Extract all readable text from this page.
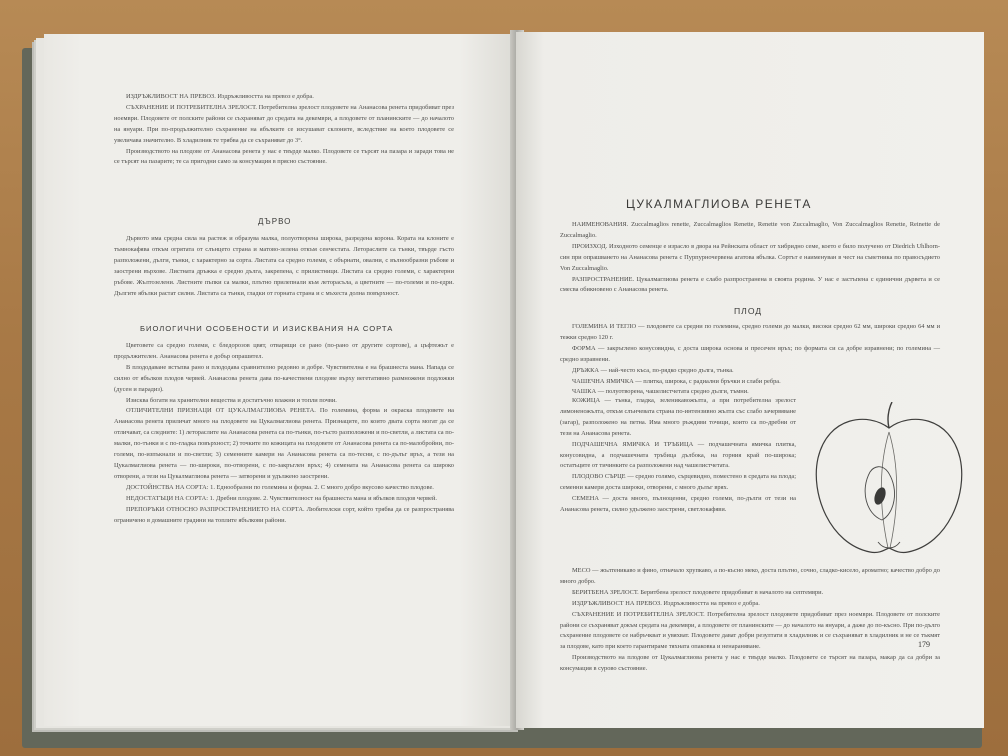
ИЗДРЪЖЛИВОСТ НА ПРЕВОЗ. Издръжливостта на превоз е добра.

СЪХРАНЕНИЕ И ПОТРЕБИТЕЛНА ЗРЕЛОСТ. Потребителна зрелост плодовете на Ананасова ренета придобиват през ноември. Плодовете от полските райони се съхраняват до средата на декември, а плодовете от планинските — до началото на януари. При по-продължително съхранение на ябълките се изсушават склоните, вследствие на което плодовете се увеличава значително. В хладилник те трябва да се съхраняват до 3°.

Производството на плодове от Ананасова ренета у нас е твърде малко. Плодовете се търсят на пазара и заради това не се търсят на пазарите; те са пригодни само за консумация в прясно състояние.

ДЪРВО

Дървото има средна сила на растеж и образува малка, полуотворена широка, разредена корона. Кората на клоните е тъмнокафява откъм огрятата от слънцето страна и матово-зелена откъм сенчестата. Летораслите са тънки, твърде гъсто разположени, дълги, тънки, с характерно за сорта. Листата са средно големи, с обърнати, овални, с вълнообразни ръбове и заострени върхове. Листната дръжка е средно дълга, закрепена, с прилистници. Листата са средно големи, с характерни ръбове. Жълтозелени. Листните пъпки са малки, плътно прилепнали към леторасъла, а цветните — по-големи и по-едри. Дългите ябълки растат силни. Листата са тънки, гладки от горната страна и с мъхеста долна повърхност.

БИОЛОГИЧНИ ОСОБЕНОСТИ И ИЗИСКВАНИЯ НА СОРТА

Цветовете са средно големи, с бледорозов цвят, отварящи се рано (по-рано от другите сортове), а цъфтежът е продължителен. Ананасова ренета е добър опрашител.

В плододаване встъпва рано и плододава сравнително редовно и добре. Чувствителна е на брашнеста мана. Напада се силно от ябълков плодов червей. Ананасова ренета дава по-качествени плодове върху вегетативно размножени подложки (дусен и парадиз).

Изисква богати на хранителни вещества и достатъчно влажни и топли почви.

ОТЛИЧИТЕЛНИ ПРИЗНАЦИ ОТ ЦУКАЛМАГЛИОВА РЕНЕТА. По големина, форма и окраска плодовете на Ананасова ренета приличат много на плодовете на Цукалмаглиова ренета. Признаците, по които двата сорта могат да се отличават, са следните: 1) летораслите на Ананасова ренета са по-тънки, по-гъсто разположени и по-светли, а листата са по-малки, по-тънки и с по-гладка повърхност; 2) точките по кожицата на плодовете от Ананасова ренета са по-малобройни, по-големи, по-изпъкнали и по-светли; 3) семенните камери на Ананасова ренета са по-тесни, с по-дълъг връх, а тези на Цукалмаглиова ренета — по-широки, по-отворени, с по-закръглен връх; 4) семената на Ананасова ренета са широко отворени, а тези на Цукалмаглиова ренета — затворени и удължено заострени.

ДОСТОЙНСТВА НА СОРТА: 1. Еднообразни по големина и форма. 2. С много добро вкусово качество плодове.

НЕДОСТАТЪЦИ НА СОРТА: 1. Дребни плодове. 2. Чувствителност на брашнеста мана и ябълков плодов червей.

ПРЕПОРЪКИ ОТНОСНО РАЗПРОСТРАНЕНИЕТО НА СОРТА. Любителски сорт, който трябва да се разпространява ограничено в домашните градини на топлите ябълкови райони.

ЦУКАЛМАГЛИОВА РЕНЕТА

НАИМЕНОВАНИЯ. Zuccalmaglios renette, Zuccalmaglios Renette, Renette von Zuccalmaglio, Von Zuccalmaglios Renette, Reinette de Zuccalmaglio.

ПРОИЗХОД. Изходното семенце е израсло в двора на Рейнската област от хибридно семе, което е било получено от Diedrich Uhlhorn-син при опрашването на Ананасова ренета с Пурпурночервена агатова ябълка. Сортът е наименуван в чест на съветника по правосъдието Von Zuccalmaglio.

РАЗПРОСТРАНЕНИЕ. Цукалмаглиова ренета е слабо разпространена в своята родина. У нас е застъпена с единични дървета и се смесва обикновено с Ананасова ренета.

ПЛОД

ГОЛЕМИНА И ТЕГЛО — плодовете са средни по големина, средно големи до малки, високи средно 62 мм, широки средно 64 мм и тежки средно 120 г.

ФОРМА — закръглено конусовидна, с доста широка основа и пресечен връх; по формата си са добре изравнени; по големина — средно изравнени.

ДРЪЖКА — най-често къса, по-рядко средно дълга, тънка.

ЧАШЕЧНА ЯМИЧКА — плитка, широка, с радиални бръчки и слаби ребра.

ЧАШКА — полуотворена, чашелистчетата средно дълги, тъмни.

КОЖИЦА — тънка, гладка, зеленикавожълта, а при потребителна зрелост лимоненожълта, откъм слънчевата страна по-интензивно жълта със слабо зачервяване (загар), разположено на петна. Има много ръждиви точици, които са по-дребни от тези на Ананасова ренета.

ПОДЧАШЕЧНА ЯМИЧКА И ТРЪБИЦА — подчашечната ямичка плитка, конусовидна, а подчашечната тръбица дълбока, на горния край по-широка; остатъците от тичинките са разположени над чашелистчетата.

ПЛОДОВО СЪРЦЕ — средно голямо, сърцевидно, поместено в средата на плода; семенни камери доста широки, отворени, с много дълъг врях.

СЕМЕНА — доста много, пълноценни, средно големи, по-дълги от тези на Ананасова ренета, силно удължено заострени, светлокафяви.

МЕСО — жълтеникаво и фино, отначало хрупкаво, а по-късно меко, доста плътно, сочно, сладко-кисело, ароматно; качество добро до много добро.

БЕРИТБЕНА ЗРЕЛОСТ. Беритбена зрелост плодовете придобиват в началото на септември.

ИЗДРЪЖЛИВОСТ НА ПРЕВОЗ. Издръжливостта на превоз е добра.

СЪХРАНЕНИЕ И ПОТРЕБИТЕЛНА ЗРЕЛОСТ. Потребителна зрелост плодовете придобиват през ноември. Плодовете от полските райони се съхраняват докъм средата на декември, а плодовете от планинските — до началото на януари, а даже до по-късно. При по-дълго съхранение плодовете се набръчкват и увяхват. Плодовете дават добри резултати в хладилник и се съхраняват в хладилник и не се тъкмят за плодове, като при което гарантираме тяхната опаковка и ненараняване.

Производството на плодове от Цукалмаглиова ренета у нас е твърде малко. Плодовете се търсят на пазара, макар да са добри за консумация в сурово състояние.

179
